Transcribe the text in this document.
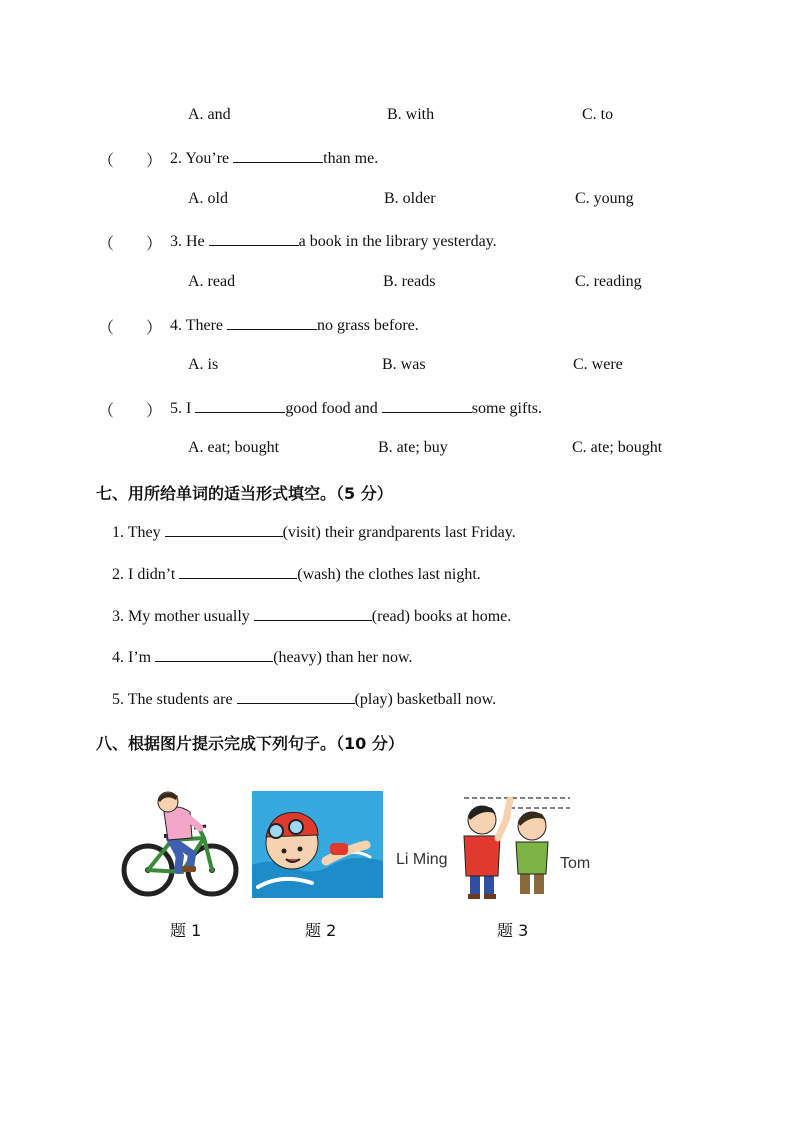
A. and	B. with	C. to
（　　） 2. You’re	than me.
A. old	B. older	C. young
（　　） 3. He	a book in the library yesterday.
A. read	B. reads	C. reading
（　　） 4. There	no grass before.
A. is	B. was	C. were
（　　） 5. I	good food and	some gifts.
A. eat; bought	B. ate; buy	C. ate; bought
七、用所给单词的适当形式填空。（5 分）
1. They	(visit) their grandparents last Friday.
2. I didn’t	(wash) the clothes last night.
3. My mother usually	(read) books at home.
4. I’m	(heavy) than her now.
5. The students are	(play) basketball now.
八、根据图片提示完成下列句子。（10 分）
Li Ming	Tom
题 1	题 2	题 3
